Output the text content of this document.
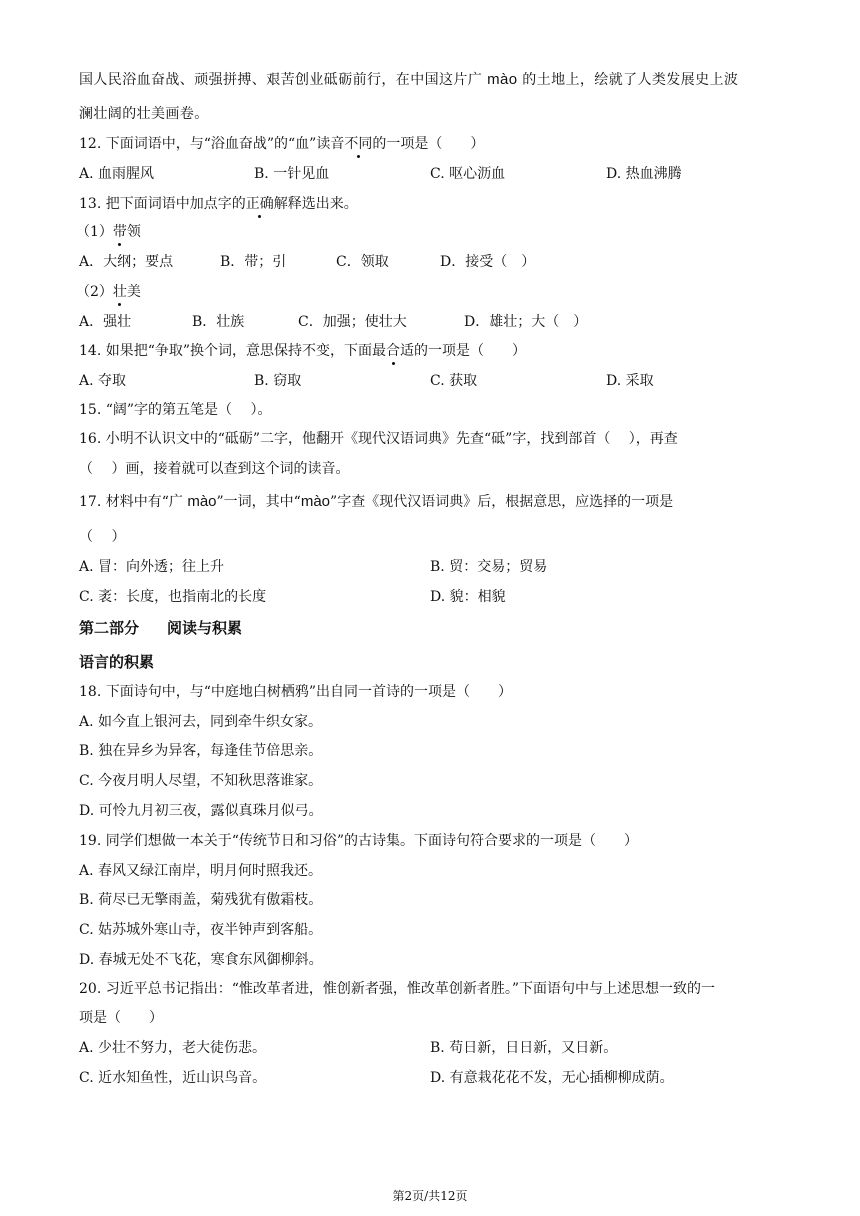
国人民浴血奋战、顽强拼搏、艰苦创业砥砺前行，在中国这片广 mào 的土地上，绘就了人类发展史上波
澜壮阔的壮美画卷。
12. 下面词语中，与“浴血奋战”的“血”读音不同的一项是（　　）
A. 血雨腥风	B. 一针见血	C. 呕心沥血	D. 热血沸腾
13. 把下面词语中加点字的正确解释选出来。
（1）带领
A．大纲；要点	B．带；引	C．领取	D．接受（　）
（2）壮美
A．强壮	B．壮族	C．加强；使壮大	D．雄壮；大（　）
14. 如果把“争取”换个词，意思保持不变，下面最合适的一项是（　　）
A. 夺取	B. 窃取	C. 获取	D. 采取
15. “阔”字的第五笔是（　 ）。
16. 小明不认识文中的“砥砺”二字，他翻开《现代汉语词典》先查“砥”字，找到部首（　 ），再查
（　 ）画，接着就可以查到这个词的读音。
17. 材料中有“广 mào”一词，其中“mào”字查《现代汉语词典》后，根据意思，应选择的一项是
（　 ）
A. 冒：向外透；往上升	B. 贸：交易；贸易
C. 袤：长度，也指南北的长度	D. 貌：相貌
第二部分 阅读与积累
语言的积累
18. 下面诗句中，与“中庭地白树栖鸦”出自同一首诗的一项是（　　）
A. 如今直上银河去，同到牵牛织女家。
B. 独在异乡为异客，每逢佳节倍思亲。
C. 今夜月明人尽望，不知秋思落谁家。
D. 可怜九月初三夜，露似真珠月似弓。
19. 同学们想做一本关于“传统节日和习俗”的古诗集。下面诗句符合要求的一项是（　　）
A. 春风又绿江南岸，明月何时照我还。
B. 荷尽已无擎雨盖，菊残犹有傲霜枝。
C. 姑苏城外寒山寺，夜半钟声到客船。
D. 春城无处不飞花，寒食东风御柳斜。
20. 习近平总书记指出：“惟改革者进，惟创新者强，惟改革创新者胜。”下面语句中与上述思想一致的一
项是（　　）
A. 少壮不努力，老大徒伤悲。	B. 苟日新，日日新，又日新。
C. 近水知鱼性，近山识鸟音。	D. 有意栽花花不发，无心插柳柳成荫。
第2页/共12页
